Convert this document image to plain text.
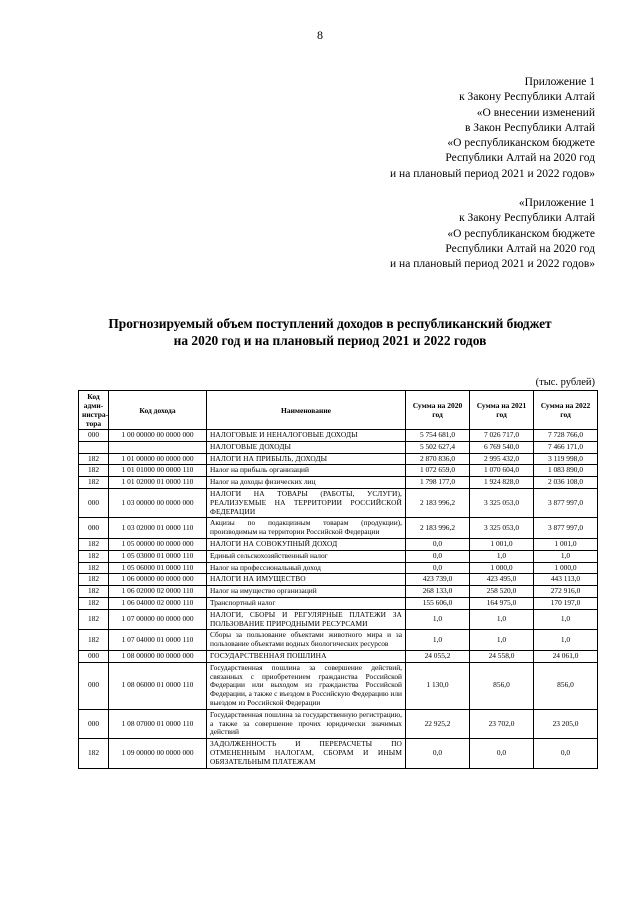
8
Приложение 1
к Закону Республики Алтай
«О внесении изменений
в Закон Республики Алтай
«О республиканском бюджете
Республики Алтай на 2020 год
и на плановый период 2021 и 2022 годов»
«Приложение 1
к Закону Республики Алтай
«О республиканском бюджете
Республики Алтай на 2020 год
и на плановый период 2021 и 2022 годов»
Прогнозируемый объем поступлений доходов в республиканский бюджет
на 2020 год и на плановый период 2021 и 2022 годов
(тыс. рублей)
Код адми-нистра-тора	Код дохода	Наименование	Сумма на 2020 год	Сумма на 2021 год	Сумма на 2022 год
000	1 00 00000 00 0000 000	НАЛОГОВЫЕ И НЕНАЛОГОВЫЕ ДОХОДЫ	5 754 681,0	7 026 717,0	7 728 766,0
		НАЛОГОВЫЕ ДОХОДЫ	5 502 627,4	6 769 540,0	7 466 171,0
182	1 01 00000 00 0000 000	НАЛОГИ НА ПРИБЫЛЬ, ДОХОДЫ	2 870 836,0	2 995 432,0	3 119 998,0
182	1 01 01000 00 0000 110	Налог на прибыль организаций	1 072 659,0	1 070 604,0	1 083 890,0
182	1 01 02000 01 0000 110	Налог на доходы физических лиц	1 798 177,0	1 924 828,0	2 036 108,0
000	1 03 00000 00 0000 000	НАЛОГИ НА ТОВАРЫ (РАБОТЫ, УСЛУГИ), РЕАЛИЗУЕМЫЕ НА ТЕРРИТОРИИ РОССИЙСКОЙ ФЕДЕРАЦИИ	2 183 996,2	3 325 053,0	3 877 997,0
000	1 03 02000 01 0000 110	Акцизы по подакцизным товарам (продукции), производимым на территории Российской Федерации	2 183 996,2	3 325 053,0	3 877 997,0
182	1 05 00000 00 0000 000	НАЛОГИ НА СОВОКУПНЫЙ ДОХОД	0,0	1 001,0	1 001,0
182	1 05 03000 01 0000 110	Единый сельскохозяйственный налог	0,0	1,0	1,0
182	1 05 06000 01 0000 110	Налог на профессиональный доход	0,0	1 000,0	1 000,0
182	1 06 00000 00 0000 000	НАЛОГИ НА ИМУЩЕСТВО	423 739,0	423 495,0	443 113,0
182	1 06 02000 02 0000 110	Налог на имущество организаций	268 133,0	258 520,0	272 916,0
182	1 06 04000 02 0000 110	Транспортный налог	155 606,0	164 975,0	170 197,0
182	1 07 00000 00 0000 000	НАЛОГИ, СБОРЫ И РЕГУЛЯРНЫЕ ПЛАТЕЖИ ЗА ПОЛЬЗОВАНИЕ ПРИРОДНЫМИ РЕСУРСАМИ	1,0	1,0	1,0
182	1 07 04000 01 0000 110	Сборы за пользование объектами животного мира и за пользование объектами водных биологических ресурсов	1,0	1,0	1,0
000	1 08 00000 00 0000 000	ГОСУДАРСТВЕННАЯ ПОШЛИНА	24 055,2	24 558,0	24 061,0
000	1 08 06000 01 0000 110	Государственная пошлина за совершение действий, связанных с приобретением гражданства Российской Федерации или выходом из гражданства Российской Федерации, а также с въездом в Российскую Федерацию или выездом из Российской Федерации	1 130,0	856,0	856,0
000	1 08 07000 01 0000 110	Государственная пошлина за государственную регистрацию, а также за совершение прочих юридически значимых действий	22 925,2	23 702,0	23 205,0
182	1 09 00000 00 0000 000	ЗАДОЛЖЕННОСТЬ И ПЕРЕРАСЧЕТЫ ПО ОТМЕНЕННЫМ НАЛОГАМ, СБОРАМ И ИНЫМ ОБЯЗАТЕЛЬНЫМ ПЛАТЕЖАМ	0,0	0,0	0,0
